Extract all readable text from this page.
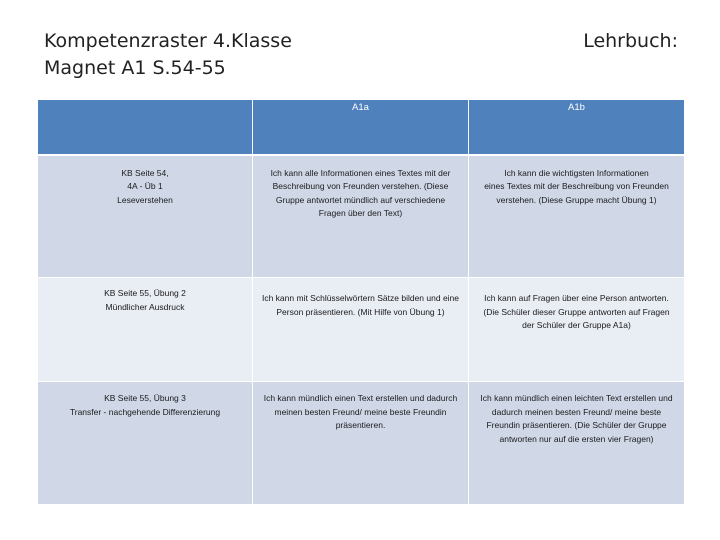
Kompetenzraster 4.Klasse
Magnet A1 S.54-55
Lehrbuch:
	A1a	A1b

KB Seite 54,
4A - Üb 1
Leseverstehen	Ich kann alle Informationen eines Textes mit der
Beschreibung von Freunden verstehen. (Diese
Gruppe antwortet mündlich auf verschiedene
Fragen über den Text)	Ich kann die wichtigsten Informationen
eines Textes mit der Beschreibung von Freunden
verstehen. (Diese Gruppe macht Übung 1)

KB Seite 55, Übung 2
Mündlicher Ausdruck	Ich kann mit Schlüsselwörtern Sätze bilden und eine
Person präsentieren. (Mit Hilfe von Übung 1)	Ich kann auf Fragen über eine Person antworten.
(Die Schüler dieser Gruppe antworten auf Fragen
der Schüler der Gruppe A1a)

KB Seite 55, Übung 3
Transfer - nachgehende Differenzierung	Ich kann mündlich einen Text erstellen und dadurch
meinen besten Freund/ meine beste Freundin
präsentieren.	Ich kann mündlich einen leichten Text erstellen und
dadurch meinen besten Freund/ meine beste
Freundin präsentieren. (Die Schüler der Gruppe
antworten nur auf die ersten vier Fragen)
